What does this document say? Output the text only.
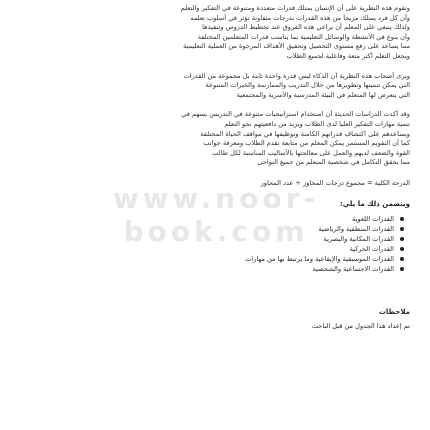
www.noor-book.com

وتقوم هذه النظرية على أن الإنسان يمتلك قدرات متعددة ومتنوعة في التفكير والتعلم
وأن كل فرد يمتلك مزيجاً من هذه القدرات بدرجات متفاوتة تؤثر في أسلوب تعلمه
ولذلك ينبغي على المعلم أن يراعي هذه الفروق عند تخطيط الدروس وتنفيذها
وأن ينوع في الأنشطة والوسائل التعليمية بما يناسب قدرات المتعلمين المختلفة
مما يساعد على رفع مستوى التحصيل وتحقيق الأهداف المرجوة من العملية التعليمية
ويجعل التعلم أكثر متعة وفاعلية لجميع الطلاب

ويرى أصحاب هذه النظرية أن الذكاء ليس قدرة واحدة ثابتة بل مجموعة من القدرات
التي يمكن تنميتها وتطويرها من خلال التدريب والممارسة والخبرات المتنوعة
التي يتعرض لها المتعلم في البيئة المدرسية والأسرية والمجتمعية

وقد أكدت الدراسات الحديثة أن استخدام استراتيجيات متنوعة في التدريس يسهم في
تنمية مهارات التفكير العليا لدى الطلاب ويزيد من دافعيتهم نحو التعلم
ويساعدهم على اكتشاف قدراتهم الكامنة وتوظيفها في مواقف الحياة المختلفة
كما أن التقويم المستمر يمكن المعلم من متابعة تقدم الطلاب ومعرفة جوانب
القوة والضعف لديهم والعمل على معالجتها بالأساليب المناسبة لكل طالب
مما يحقق التكامل في شخصية المتعلم من جميع النواحي

الدرجة الكلية = مجموع درجات المحاور ÷ عدد المحاور
ويتضمن ذلك ما يلي:
القدرات اللغوية
القدرات المنطقية والرياضية
القدرات المكانية والبصرية
القدرات الحركية
القدرات الموسيقية والإيقاعية وما يرتبط بها من مهارات
القدرات الاجتماعية والشخصية
ملاحظات
تم إعداد هذا الجدول من قبل الباحث
